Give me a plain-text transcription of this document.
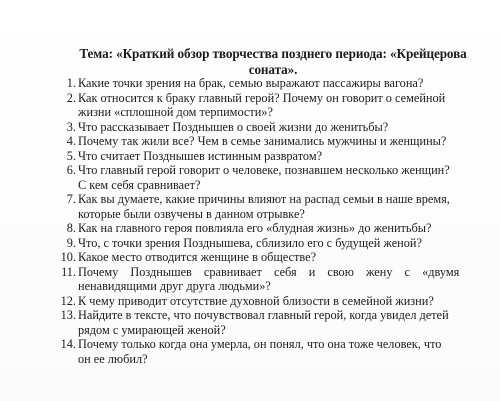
Тема: «Краткий обзор творчества позднего периода: «Крейцерова
соната».
1. Какие точки зрения на брак, семью выражают пассажиры вагона?
2. Как относится к браку главный герой? Почему он говорит о семейной
жизни «сплошной дом терпимости»?
3. Что рассказывает Позднышев о своей жизни до женитьбы?
4. Почему так жили все? Чем в семье занимались мужчины и женщины?
5. Что считает Позднышев истинным развратом?
6. Что главный герой говорит о человеке, познавшем несколько женщин?
С кем себя сравнивает?
7. Как вы думаете, какие причины влияют на распад семьи в наше время,
которые были озвучены в данном отрывке?
8. Как на главного героя повлияла его «блудная жизнь» до женитьбы?
9. Что, с точки зрения Позднышева, сблизило его с будущей женой?
10. Какое место отводится женщине в обществе?
11. Почему Позднышев сравнивает себя и свою жену с «двумя
ненавидящими друг друга людьми»?
12. К чему приводит отсутствие духовной близости в семейной жизни?
13. Найдите в тексте, что почувствовал главный герой, когда увидел детей
рядом с умирающей женой?
14. Почему только когда она умерла, он понял, что она тоже человек, что
он ее любил?
